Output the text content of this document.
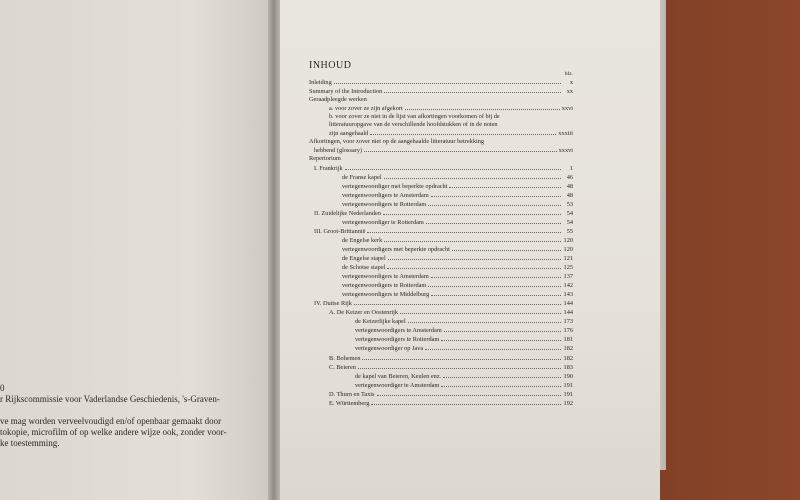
0
r Rijkscommissie voor Vaderlandse Geschiedenis, 's-Graven-
ve mag worden verveelvoudigd en/of openbaar gemaakt door
tokopie, microfilm of op welke andere wijze ook, zonder voor-
ke toestemming.
INHOUD
blz.
Inleiding	x
Summary of the Introduction	xx
Geraadpleegde werken
a. voor zover ze zijn afgekort	xxvi
b. voor zover ze niet in de lijst van afkortingen voorkomen of bij de
litteratuuropgave van de verschillende hoofdstukken of in de noten
zijn aangehaald	xxxiii
Afkortingen, voor zover niet op de aangehaalde litteratuur betrekking
hebbend (glossary)	xxxvi
Repertorium
I. Frankrijk	1
de Franse kapel	46
vertegenwoordiger met beperkte opdracht	48
vertegenwoordigers te Amsterdam	48
vertegenwoordigers te Rotterdam	53
II. Zuidelijke Nederlanden	54
vertegenwoordiger te Rotterdam	54
III. Groot-Brittannië	55
de Engelse kerk	120
vertegenwoordigers met beperkte opdracht	120
de Engelse stapel	121
de Schotse stapel	125
vertegenwoordigers te Amsterdam	137
vertegenwoordigers te Rotterdam	142
vertegenwoordigers te Middelburg	143
IV. Duitse Rijk	144
A. De Keizer en Oostenrijk	144
de Keizerlijke kapel	173
vertegenwoordigers te Amsterdam	176
vertegenwoordigers te Rotterdam	181
vertegenwoordiger op Java	182
B. Bohemen	182
C. Beieren	183
de kapel van Beieren, Keulen enz.	190
vertegenwoordiger te Amsterdam	191
D. Thurn en Taxis	191
E. Württemberg	192
